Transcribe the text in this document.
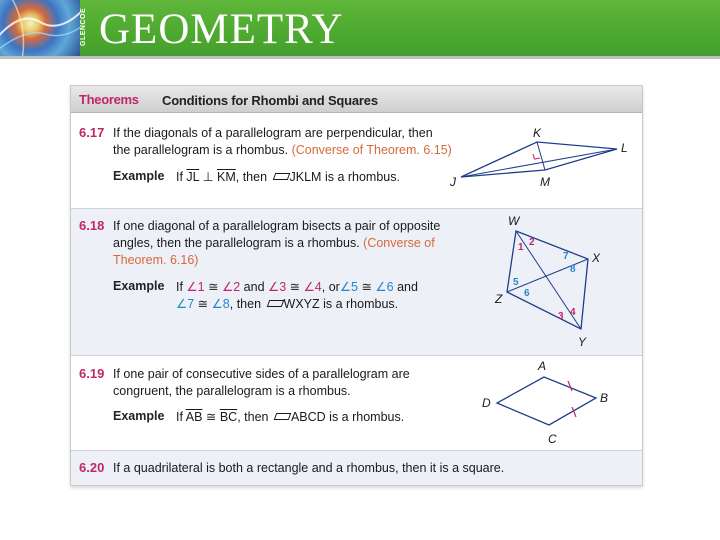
GLENCOE GEOMETRY
Theorems Conditions for Rhombi and Squares
6.17 If the diagonals of a parallelogram are perpendicular, then the parallelogram is a rhombus. (Converse of Theorem. 6.15)
Example If $\overline{JL}$ ⊥ $\overline{KM}$, then JKLM is a rhombus.
K
L
J	M
6.18 If one diagonal of a parallelogram bisects a pair of opposite angles, then the parallelogram is a rhombus. (Converse of Theorem. 6.16)
Example If ∠1 ≅ ∠2 and ∠3 ≅ ∠4, or∠5 ≅ ∠6 and
∠7 ≅ ∠8, then WXYZ is a rhombus.
W
X
Y
Z
1 2
3 4
5
6
7
8
6.19 If one pair of consecutive sides of a parallelogram are congruent, the parallelogram is a rhombus.
Example If $\overline{AB}$ ≅ $\overline{BC}$, then ABCD is a rhombus.
A
B
C
D
6.20 If a quadrilateral is both a rectangle and a rhombus, then it is a square.
